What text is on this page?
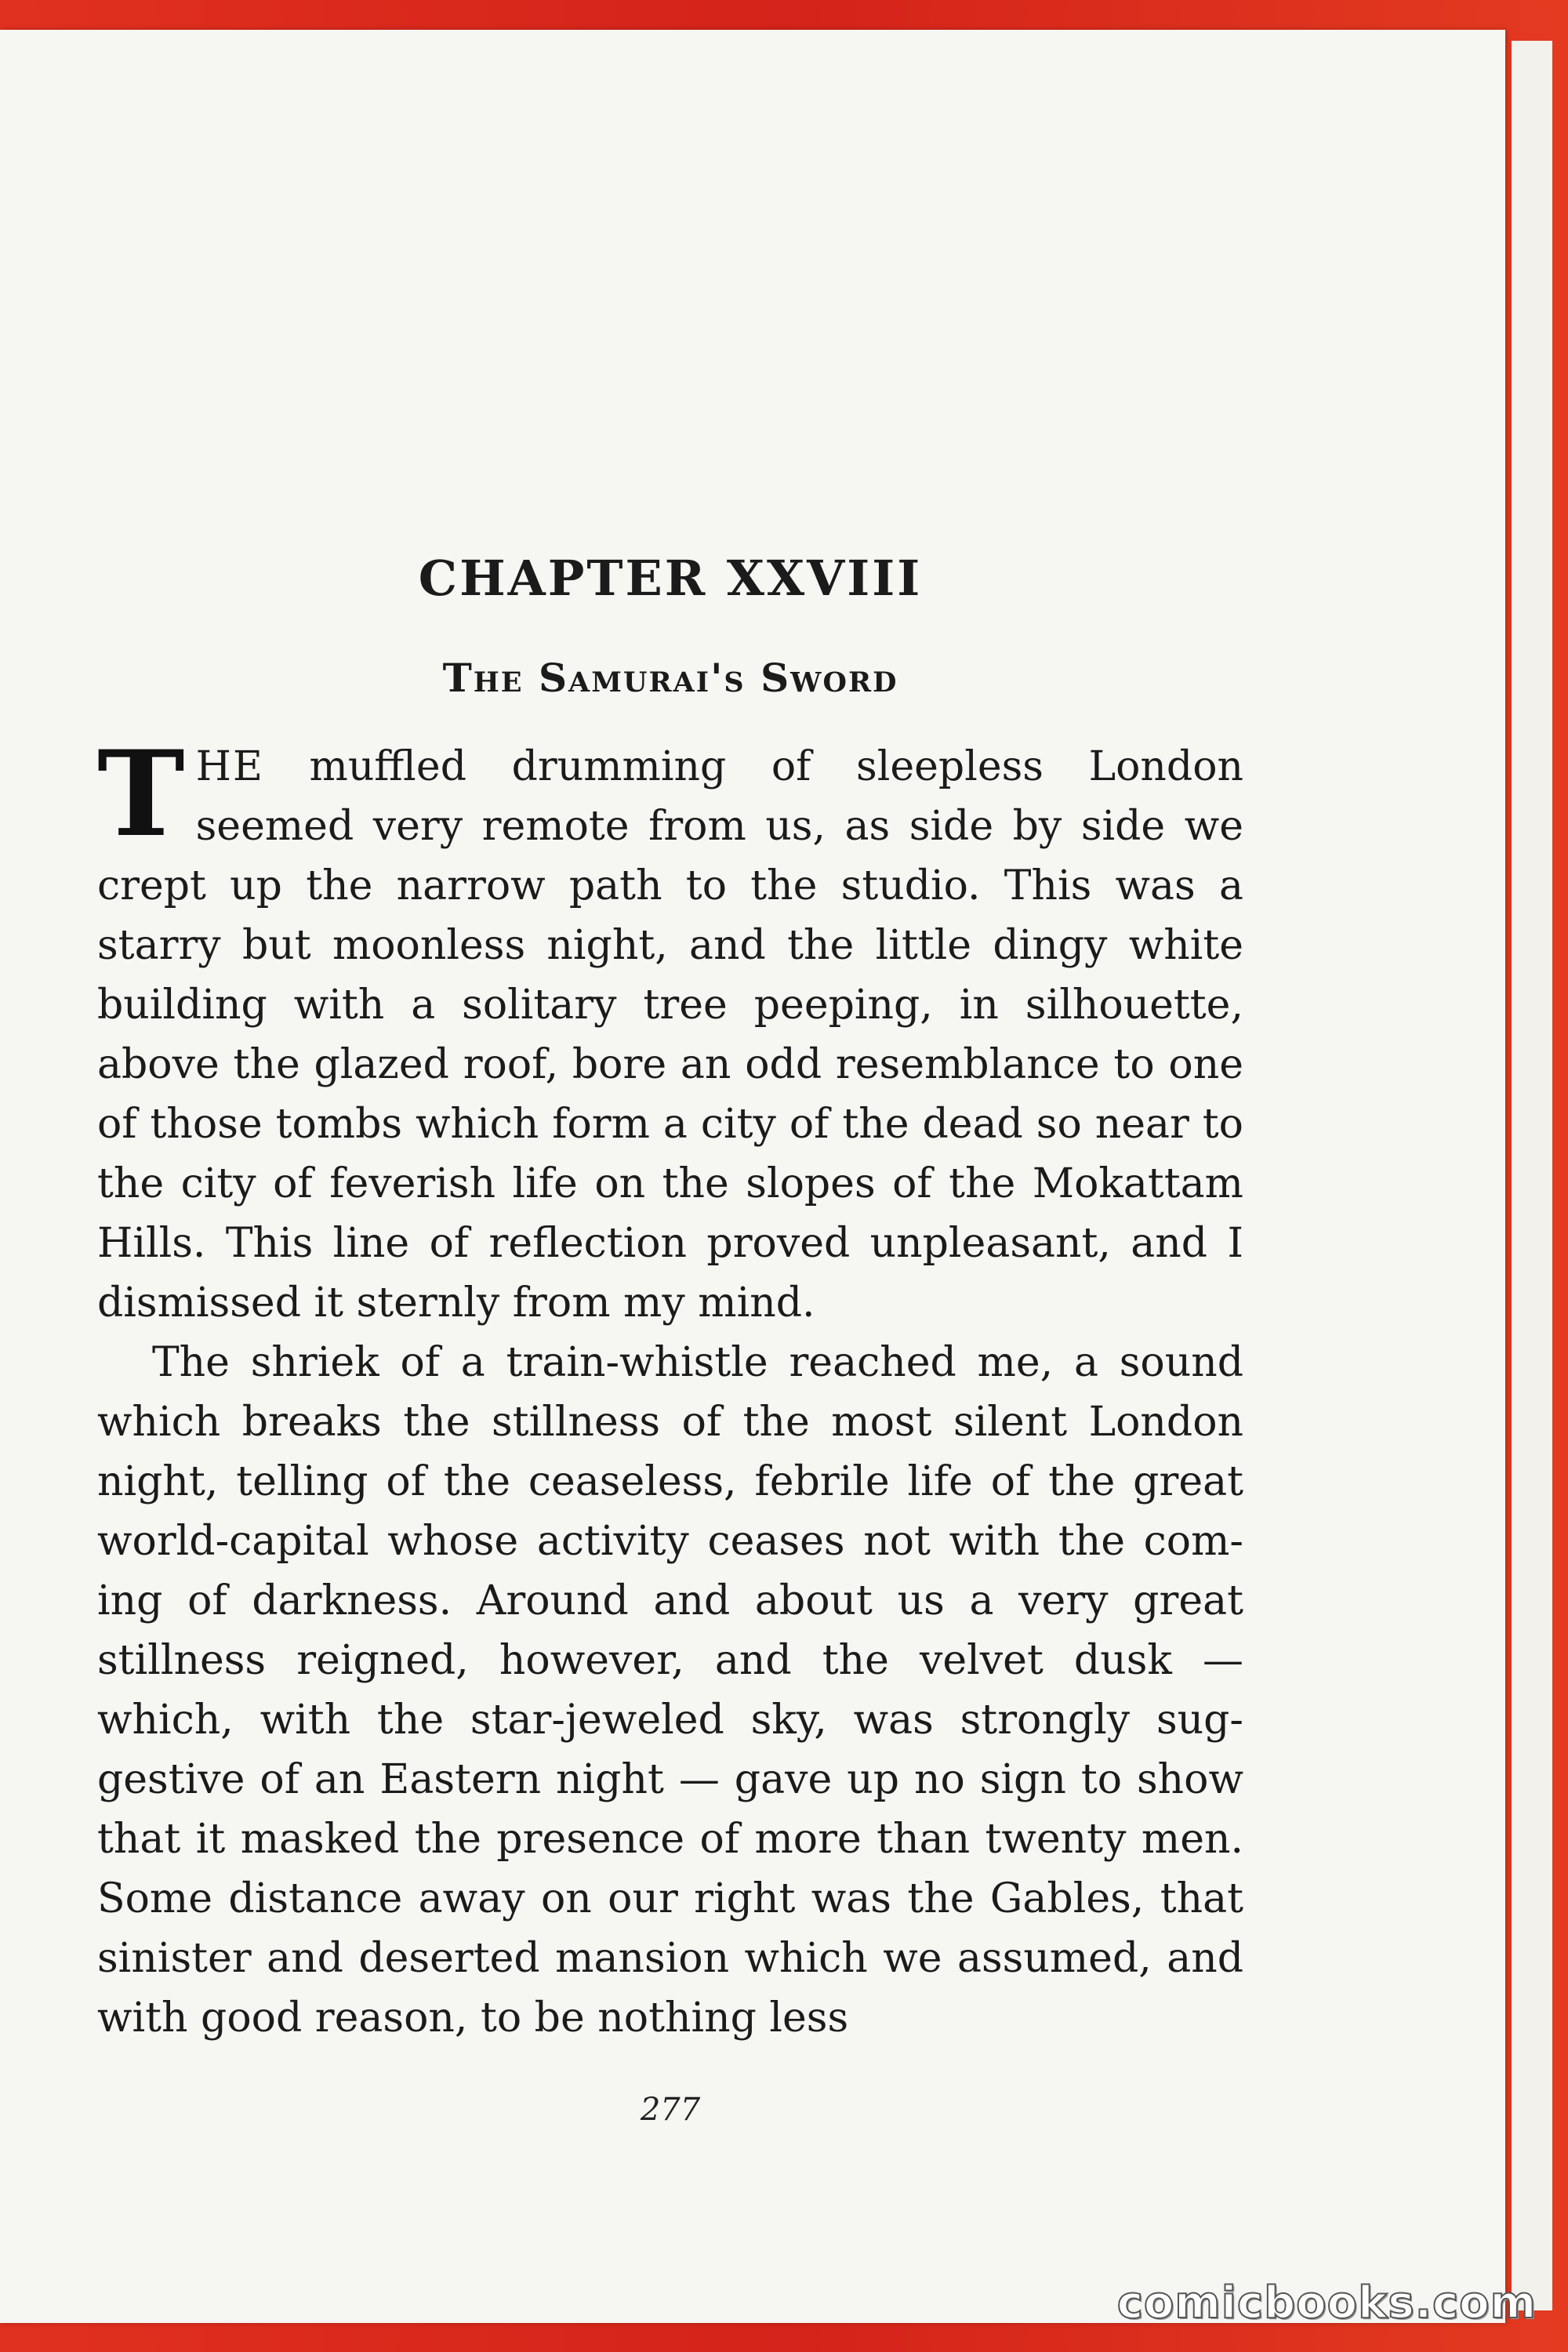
CHAPTER XXVIII
The Samurai's Sword

THE muffled drumming of sleepless London seemed very remote from us, as side by side we crept up the narrow path to the studio. This was a starry but moonless night, and the little dingy white building with a solitary tree peeping, in silhouette, above the glazed roof, bore an odd resemblance to one of those tombs which form a city of the dead so near to the city of feverish life on the slopes of the Mokattam Hills. This line of reflection proved unpleasant, and I dismissed it sternly from my mind.

The shriek of a train-whistle reached me, a sound which breaks the stillness of the most silent London night, telling of the ceaseless, febrile life of the great world-capital whose activity ceases not with the coming of darkness. Around and about us a very great stillness reigned, however, and the velvet dusk — which, with the star-jeweled sky, was strongly suggestive of an Eastern night — gave up no sign to show that it masked the presence of more than twenty men. Some distance away on our right was the Gables, that sinister and deserted mansion which we assumed, and with good reason, to be nothing less

277
comicbooks.com
